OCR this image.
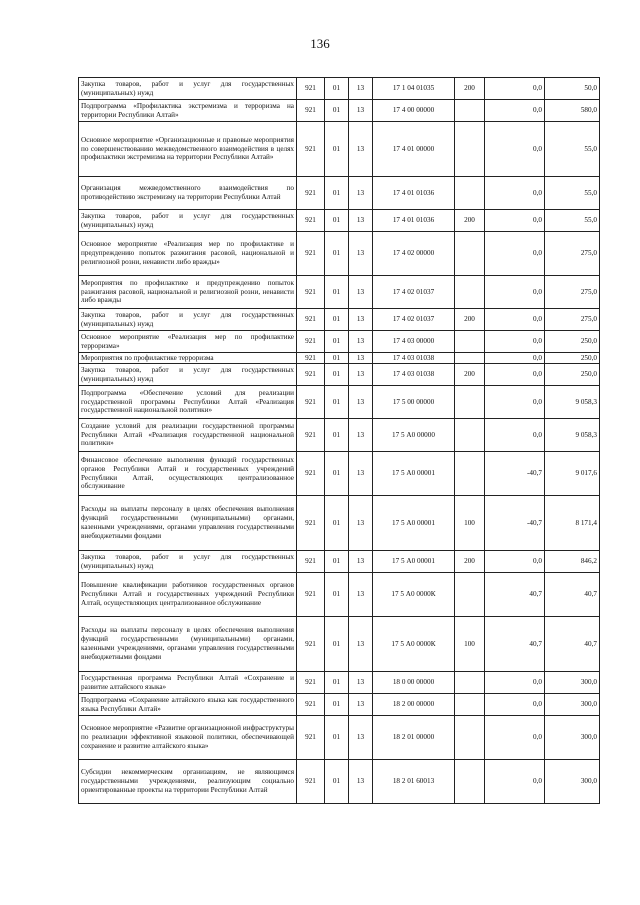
136
Закупка товаров, работ и услуг для государственных (муниципальных) нужд	921	01	13	17 1 04 01035	200	0,0	50,0
Подпрограмма «Профилактика экстремизма и терроризма на территории Республики Алтай»	921	01	13	17 4 00 00000		0,0	580,0
Основное мероприятие «Организационные и правовые мероприятия по совершенствованию межведомственного взаимодействия в целях профилактики экстремизма на территории Республики Алтай»	921	01	13	17 4 01 00000		0,0	55,0
Организация межведомственного взаимодействия по противодействию экстремизму на территории Республики Алтай	921	01	13	17 4 01 01036		0,0	55,0
Закупка товаров, работ и услуг для государственных (муниципальных) нужд	921	01	13	17 4 01 01036	200	0,0	55,0
Основное мероприятие «Реализация мер по профилактике и предупреждению попыток разжигания расовой, национальной и религиозной розни, ненависти либо вражды»	921	01	13	17 4 02 00000		0,0	275,0
Мероприятия по профилактике и предупреждению попыток разжигания расовой, национальной и религиозной розни, ненависти либо вражды	921	01	13	17 4 02 01037		0,0	275,0
Закупка товаров, работ и услуг для государственных (муниципальных) нужд	921	01	13	17 4 02 01037	200	0,0	275,0
Основное мероприятие «Реализация мер по профилактике терроризма»	921	01	13	17 4 03 00000		0,0	250,0
Мероприятия по профилактике терроризма	921	01	13	17 4 03 01038		0,0	250,0
Закупка товаров, работ и услуг для государственных (муниципальных) нужд	921	01	13	17 4 03 01038	200	0,0	250,0
Подпрограмма «Обеспечение условий для реализации государственной программы Республики Алтай «Реализация государственной национальной политики»	921	01	13	17 5 00 00000		0,0	9 058,3
Создание условий для реализации государственной программы Республики Алтай «Реализация государственной национальной политики»	921	01	13	17 5 А0 00000		0,0	9 058,3
Финансовое обеспечение выполнения функций государственных органов Республики Алтай и государственных учреждений Республики Алтай, осуществляющих централизованное обслуживание	921	01	13	17 5 А0 00001		-40,7	9 017,6
Расходы на выплаты персоналу в целях обеспечения выполнения функций государственными (муниципальными) органами, казенными учреждениями, органами управления государственными внебюджетными фондами	921	01	13	17 5 А0 00001	100	-40,7	8 171,4
Закупка товаров, работ и услуг для государственных (муниципальных) нужд	921	01	13	17 5 А0 00001	200	0,0	846,2
Повышение квалификации работников государственных органов Республики Алтай и государственных учреждений Республики Алтай, осуществляющих централизованное обслуживание	921	01	13	17 5 А0 0000К		40,7	40,7
Расходы на выплаты персоналу в целях обеспечения выполнения функций государственными (муниципальными) органами, казенными учреждениями, органами управления государственными внебюджетными фондами	921	01	13	17 5 А0 0000К	100	40,7	40,7
Государственная программа Республики Алтай «Сохранение и развитие алтайского языка»	921	01	13	18 0 00 00000		0,0	300,0
Подпрограмма «Сохранение алтайского языка как государственного языка Республики Алтай»	921	01	13	18 2 00 00000		0,0	300,0
Основное мероприятие «Развитие организационной инфраструктуры по реализации эффективной языковой политики, обеспечивающей сохранение и развитие алтайского языка»	921	01	13	18 2 01 00000		0,0	300,0
Субсидии некоммерческим организациям, не являющимся государственными учреждениями, реализующим социально ориентированные проекты на территории Республики Алтай	921	01	13	18 2 01 60013		0,0	300,0
